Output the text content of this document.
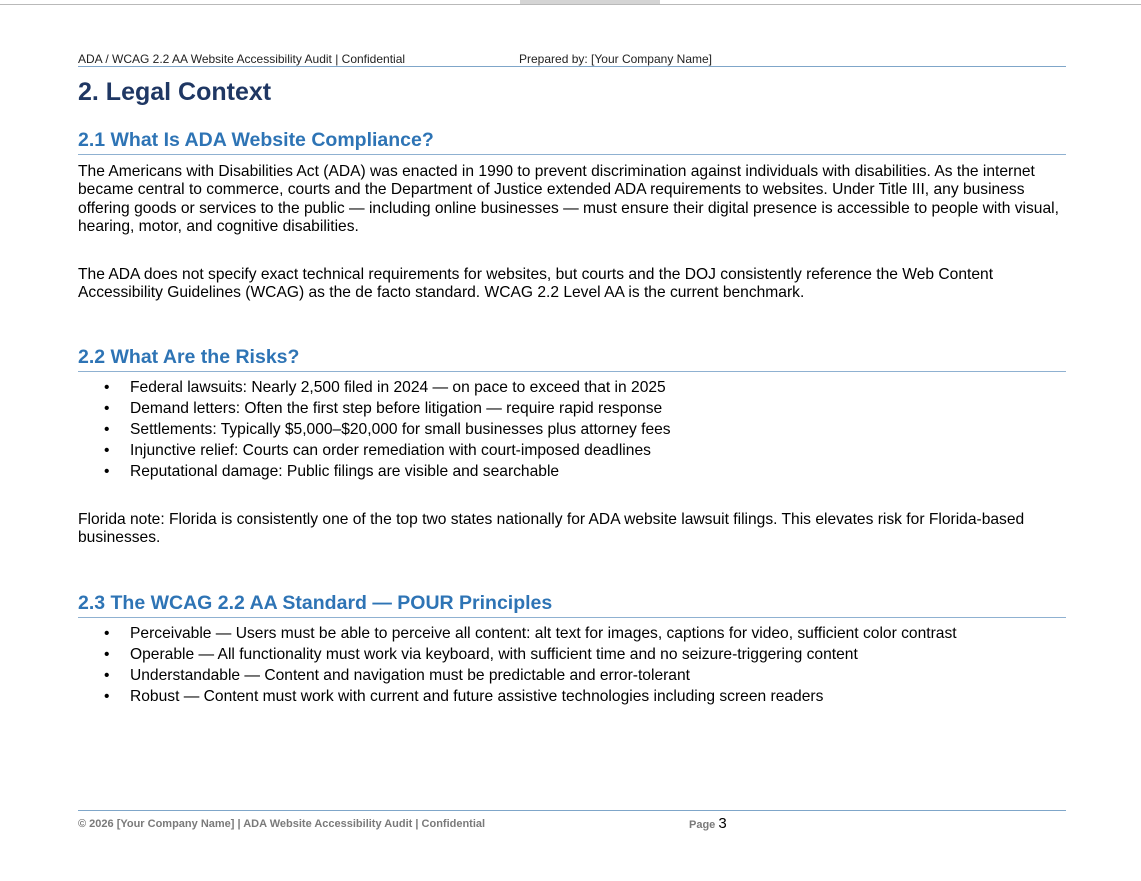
ADA / WCAG 2.2 AA Website Accessibility Audit | Confidential	Prepared by: [Your Company Name]
2. Legal Context
2.1 What Is ADA Website Compliance?

The Americans with Disabilities Act (ADA) was enacted in 1990 to prevent discrimination against individuals with disabilities. As the internet became central to commerce, courts and the Department of Justice extended ADA requirements to websites. Under Title III, any business offering goods or services to the public — including online businesses — must ensure their digital presence is accessible to people with visual, hearing, motor, and cognitive disabilities.

The ADA does not specify exact technical requirements for websites, but courts and the DOJ consistently reference the Web Content Accessibility Guidelines (WCAG) as the de facto standard. WCAG 2.2 Level AA is the current benchmark.

2.2 What Are the Risks?
• Federal lawsuits: Nearly 2,500 filed in 2024 — on pace to exceed that in 2025
• Demand letters: Often the first step before litigation — require rapid response
• Settlements: Typically $5,000–$20,000 for small businesses plus attorney fees
• Injunctive relief: Courts can order remediation with court-imposed deadlines
• Reputational damage: Public filings are visible and searchable

Florida note: Florida is consistently one of the top two states nationally for ADA website lawsuit filings. This elevates risk for Florida-based businesses.

2.3 The WCAG 2.2 AA Standard — POUR Principles
• Perceivable — Users must be able to perceive all content: alt text for images, captions for video, sufficient color contrast
• Operable — All functionality must work via keyboard, with sufficient time and no seizure-triggering content
• Understandable — Content and navigation must be predictable and error-tolerant
• Robust — Content must work with current and future assistive technologies including screen readers
© 2026 [Your Company Name] | ADA Website Accessibility Audit | Confidential	Page 3
